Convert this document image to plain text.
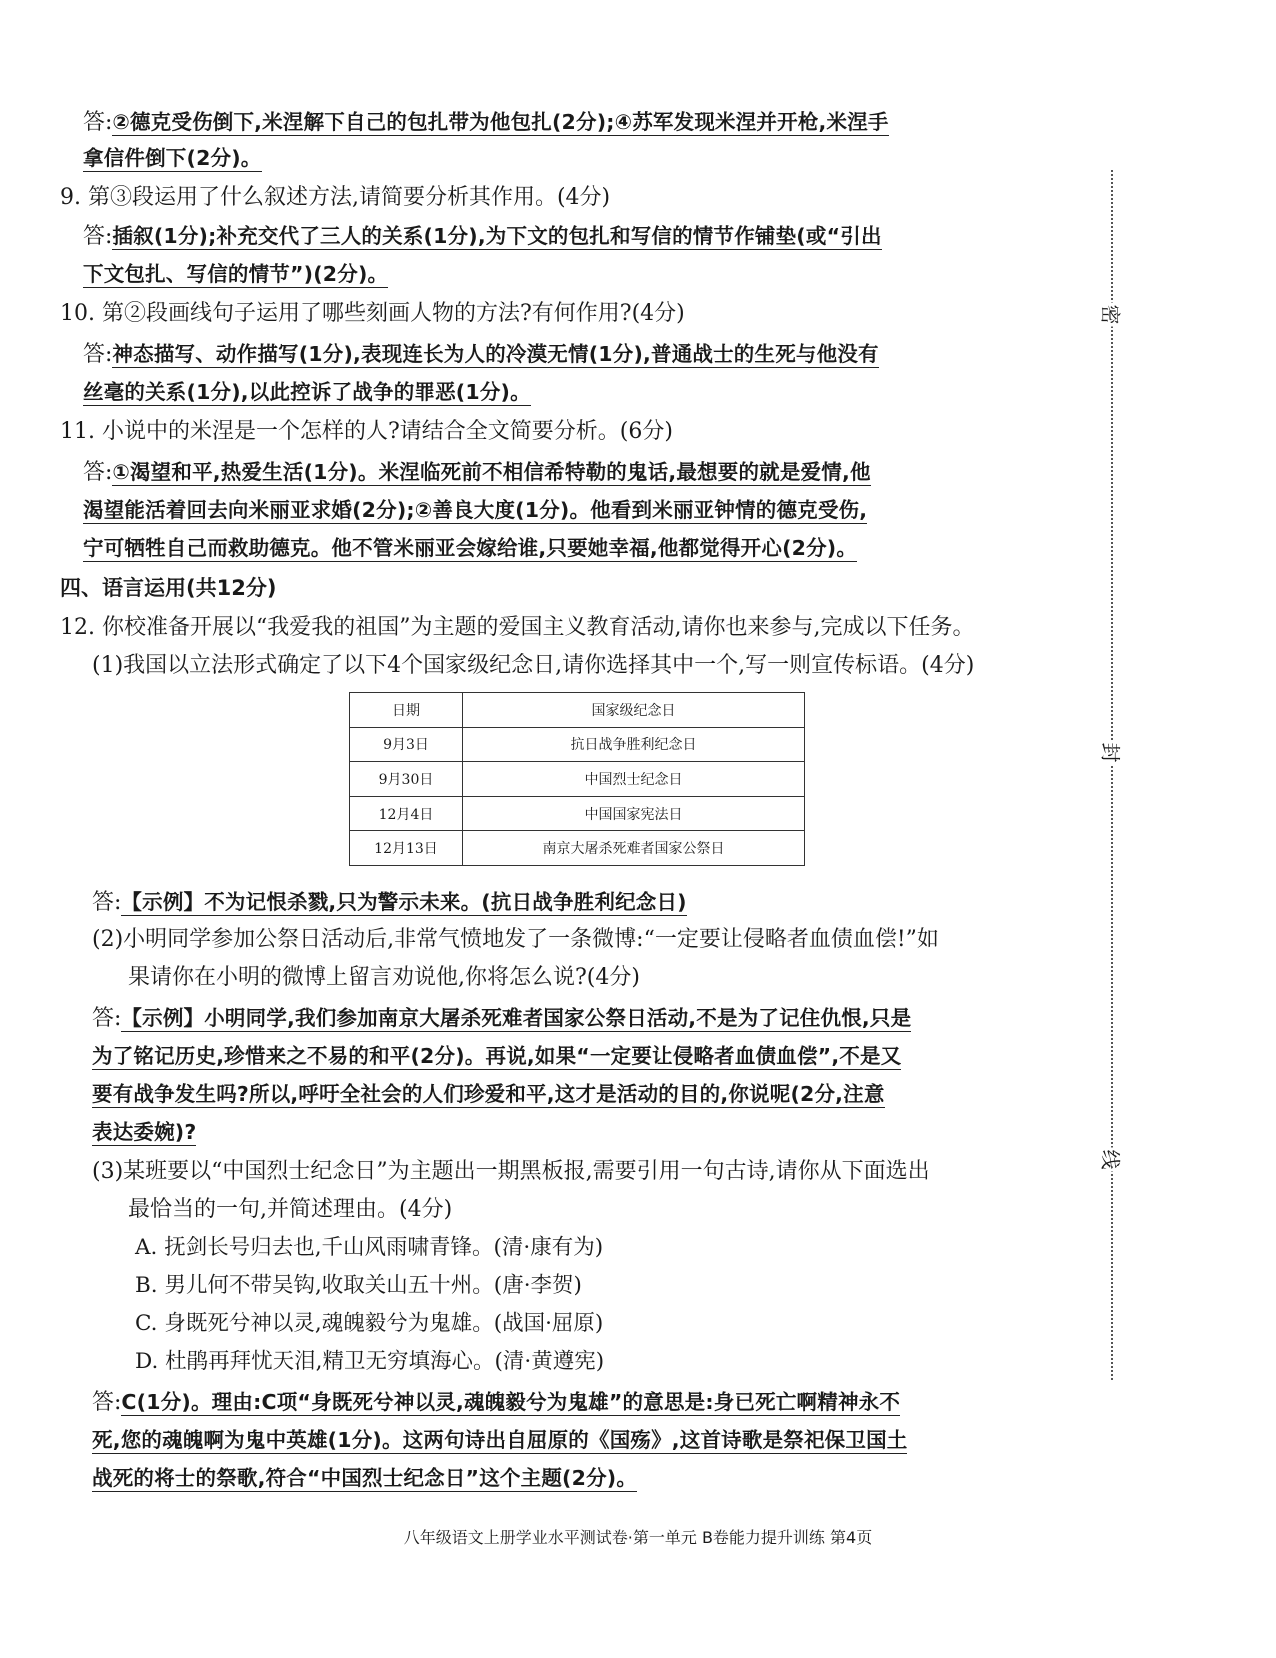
答:②德克受伤倒下,米涅解下自己的包扎带为他包扎(2分);④苏军发现米涅并开枪,米涅手
拿信件倒下(2分)。
9. 第③段运用了什么叙述方法,请简要分析其作用。(4分)
答:插叙(1分);补充交代了三人的关系(1分),为下文的包扎和写信的情节作铺垫(或“引出
下文包扎、写信的情节”)(2分)。
10. 第②段画线句子运用了哪些刻画人物的方法?有何作用?(4分)
答:神态描写、动作描写(1分),表现连长为人的冷漠无情(1分),普通战士的生死与他没有
丝毫的关系(1分),以此控诉了战争的罪恶(1分)。
11. 小说中的米涅是一个怎样的人?请结合全文简要分析。(6分)
答:①渴望和平,热爱生活(1分)。米涅临死前不相信希特勒的鬼话,最想要的就是爱情,他
渴望能活着回去向米丽亚求婚(2分);②善良大度(1分)。他看到米丽亚钟情的德克受伤,
宁可牺牲自己而救助德克。他不管米丽亚会嫁给谁,只要她幸福,他都觉得开心(2分)。
四、语言运用(共12分)
12. 你校准备开展以“我爱我的祖国”为主题的爱国主义教育活动,请你也来参与,完成以下任务。
(1)我国以立法形式确定了以下4个国家级纪念日,请你选择其中一个,写一则宣传标语。(4分)
日期	国家级纪念日
9月3日	抗日战争胜利纪念日
9月30日	中国烈士纪念日
12月4日	中国国家宪法日
12月13日	南京大屠杀死难者国家公祭日
答:【示例】不为记恨杀戮,只为警示未来。(抗日战争胜利纪念日)
(2)小明同学参加公祭日活动后,非常气愤地发了一条微博:“一定要让侵略者血债血偿!”如
果请你在小明的微博上留言劝说他,你将怎么说?(4分)
答:【示例】小明同学,我们参加南京大屠杀死难者国家公祭日活动,不是为了记住仇恨,只是
为了铭记历史,珍惜来之不易的和平(2分)。再说,如果“一定要让侵略者血债血偿”,不是又
要有战争发生吗?所以,呼吁全社会的人们珍爱和平,这才是活动的目的,你说呢(2分,注意
表达委婉)?
(3)某班要以“中国烈士纪念日”为主题出一期黑板报,需要引用一句古诗,请你从下面选出
最恰当的一句,并简述理由。(4分)
A. 抚剑长号归去也,千山风雨啸青锋。(清·康有为)
B. 男儿何不带吴钩,收取关山五十州。(唐·李贺)
C. 身既死兮神以灵,魂魄毅兮为鬼雄。(战国·屈原)
D. 杜鹃再拜忧天泪,精卫无穷填海心。(清·黄遵宪)
答:C(1分)。理由:C项“身既死兮神以灵,魂魄毅兮为鬼雄”的意思是:身已死亡啊精神永不
死,您的魂魄啊为鬼中英雄(1分)。这两句诗出自屈原的《国殇》,这首诗歌是祭祀保卫国土
战死的将士的祭歌,符合“中国烈士纪念日”这个主题(2分)。
密
封
线
八年级语文上册学业水平测试卷·第一单元 B卷能力提升训练 第4页
